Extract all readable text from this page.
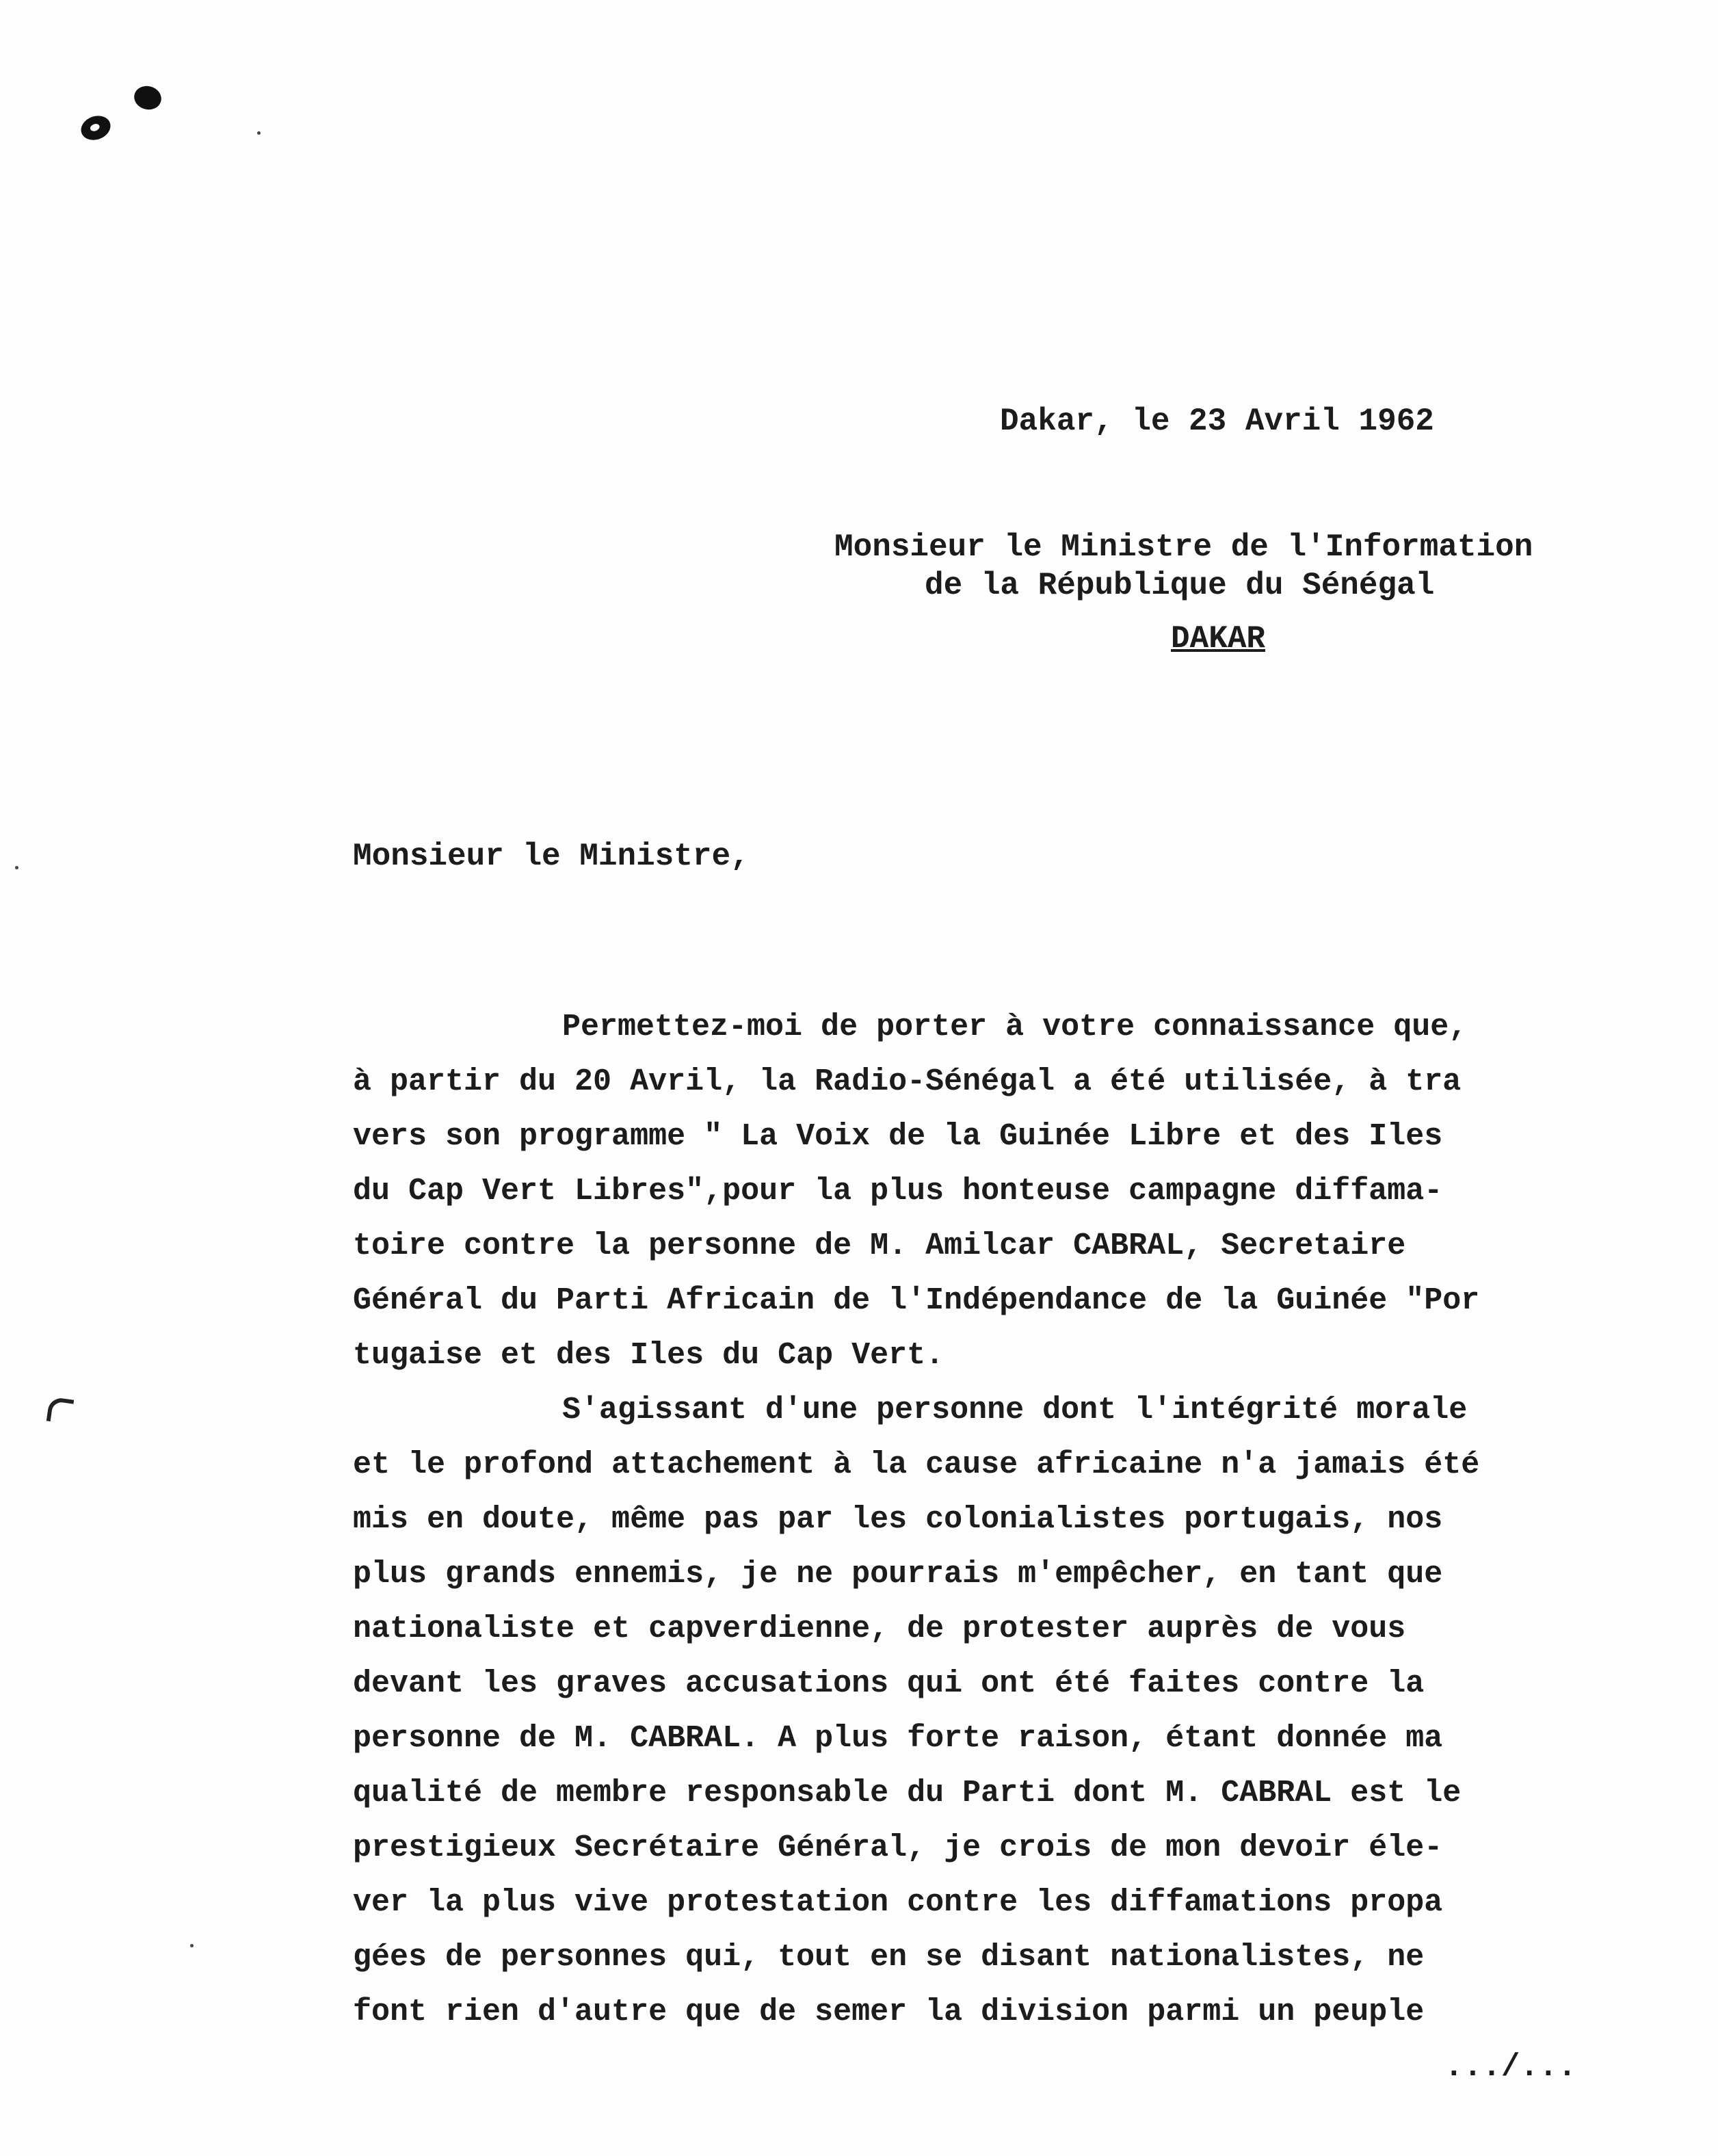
Dakar, le 23 Avril 1962
Monsieur le Ministre de l'Information
de la République du Sénégal
DAKAR
Monsieur le Ministre,
Permettez-moi de porter à votre connaissance que,
à partir du 20 Avril, la Radio-Sénégal a été utilisée, à tra
vers son programme " La Voix de la Guinée Libre et des Iles
du Cap Vert Libres",pour la plus honteuse campagne diffama-
toire contre la personne de M. Amilcar CABRAL, Secretaire
Général du Parti Africain de l'Indépendance de la Guinée "Por
tugaise et des Iles du Cap Vert.
S'agissant d'une personne dont l'intégrité morale
et le profond attachement à la cause africaine n'a jamais été
mis en doute, même pas par les colonialistes portugais, nos
plus grands ennemis, je ne pourrais m'empêcher, en tant que
nationaliste et capverdienne, de protester auprès de vous
devant les graves accusations qui ont été faites contre la
personne de M. CABRAL. A plus forte raison, étant donnée ma
qualité de membre responsable du Parti dont M. CABRAL est le
prestigieux Secrétaire Général, je crois de mon devoir éle-
ver la plus vive protestation contre les diffamations propa
gées de personnes qui, tout en se disant nationalistes, ne
font rien d'autre que de semer la division parmi un peuple
.../...
